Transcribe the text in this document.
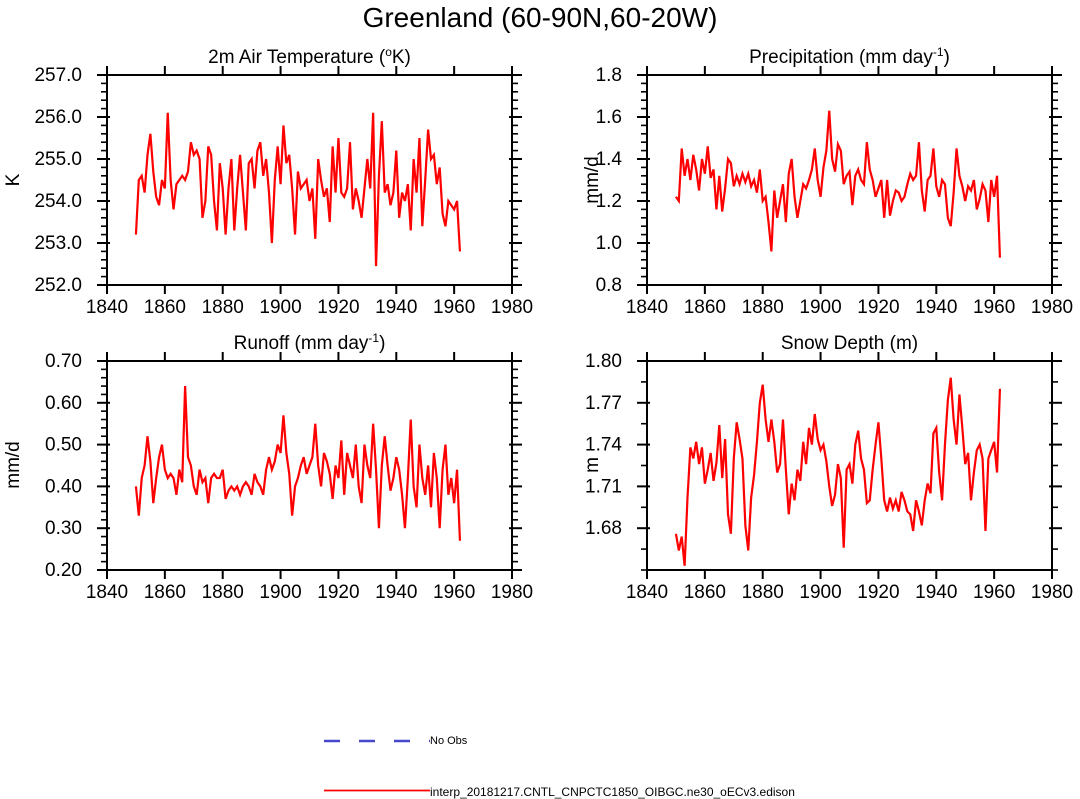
Greenland (60-90N,60-20W)
2m Air Temperature ($^o$K)	Precipitation (mm day$^{-1}$)
Runoff (mm day$^{-1}$)	Snow Depth (m)
K	mm/d
mm/d	m
1840 1860 1880 1900 1920 1940 1960 1980
252.0
253.0
254.0
255.0
256.0
257.0
1840 1860 1880 1900 1920 1940 1960 1980
0.8
1.0
1.2
1.4
1.6
1.8
1840 1860 1880 1900 1920 1940 1960 1980
0.20
0.30
0.40
0.50
0.60
0.70
1840 1860 1880 1900 1920 1940 1960 1980
1.68
1.71
1.74
1.77
1.80
No Obs
interp_20181217.CNTL_CNPCTC1850_OIBGC.ne30_oECv3.edison
